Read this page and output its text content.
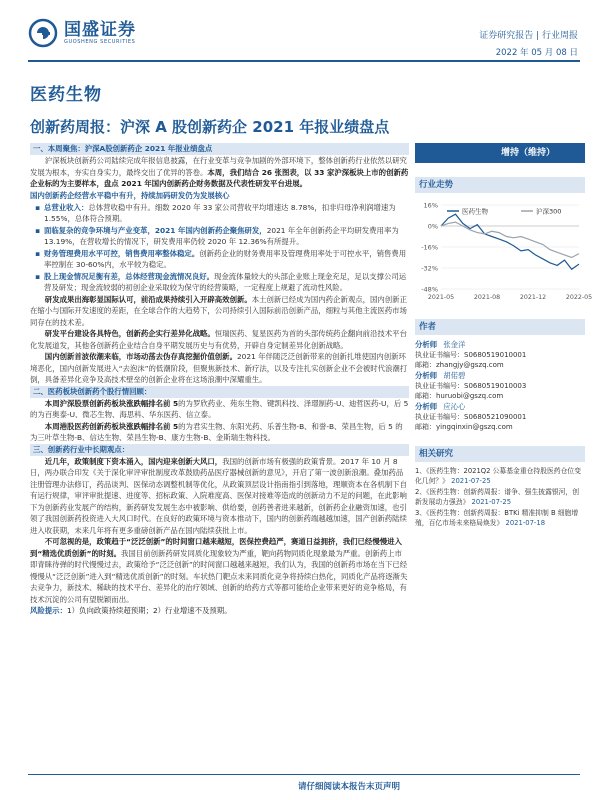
国盛证券
GUOSHENG SECURITIES
证券研究报告 | 行业周报
2022 年 05 月 08 日
医药生物
创新药周报：沪深 A 股创新药企 2021 年报业绩盘点
一、本周聚焦：沪深A股创新药企 2021 年报业绩盘点
沪深板块创新药公司陆续完成年报信息披露，在行业变革与竞争加剧的外部环境下，整体创新药行业依然以研究发展为根本，夯实自身实力，最终交出了优异的答卷。本周，我们结合 26 张图表，以 33 家沪深板块上市的创新药企业标的为主要样本，盘点 2021 年国内创新药企财务数据及代表性研发平台进展。
国内创新药企经营水平稳中有升，持续加码研发仍为发展核心
▪ 总营业收入：总体营收稳中有升。细数 2020 年 33 家公司营收平均增速达 8.78%，扣非归母净利润增速为 1.55%，总体符合预期。
▪ 面临复杂的竞争环境与产业变革，2021 年国内创新药企聚焦研发，2021 年全年创新药企平均研发费用率为 13.19%，在营收增长的情况下，研发费用率仍较 2020 年 12.36%有所提升。
▪ 财务管理费用水平可控，销售费用率整体稳定。创新药企业的财务费用率及管理费用率处于可控水平，销售费用率控制在 30-60%内，水平较为稳定。
▪ 股上现金情况足衡有差，总体经营现金流情况良好。现金流体量较大的头部企业账上现金充足，足以支撑公司运营及研发；现金流较弱的初创企业采取较为保守的经营策略，一定程度上规避了流动性风险。
研发成果出海彰显国际认可，前沿成果持续引入开辟高效创新。本土创新已经成为国内药企新观点，国内创新正在缩小与国际开发速度的差距，在全球合作的大趋势下，公司持续引入国际前沿创新产品，细粒与其他主流医药市场同存在的技术差。
研发平台建设各具特色，创新药企实行差异化战略。恒瑞医药、复星医药为首的头部传统药企翻向前沿技术平台化发展道发，其他各创新药企业结合自身平期发展历史与有优势，开辟自身定制差异化创新战略。
国内创新首波依潮来临，市场动荡去伪存真挖掘价值创新。2021 年伴随泛泛创新带来的创新扎堆使国内创新环境恶化，国内创新发展进入“去泡沫”的低潮阶段，但聚焦新技术、新疗法，以及专注扎实创新企业不会被时代浪潮打倒，具备差异化竞争及高技术壁垒的创新企业将在这场浪潮中深耀重生。
二、医药板块创新药个股行情回顾：
本周沪深股票创新药板块涨跌幅排名前 5的为罗欣药业、苑东生物、键凯科技、泽璟制药-U、迪哲医药-U，后 5 的为百奥泰-U、微芯生物、海思科、华东医药、信立泰。
本周港股医药创新药板块涨跌幅排名前 5的为君实生物、东阳光药、乐普生物-B、和誉-B、荣昌生物，后 5 的为三叶草生物-B、信达生物、荣昌生物-B、康方生物-B、金斯瑞生物科技。
三、创新药行业中长期观点：
近几年，政策制度下资本涌入，国内迎来创新大风口，我国的创新市场有极强的政策背景。2017 年 10 月 8 日，两办联合印发《关于深化审评审批制度改革鼓励药品医疗器械创新的意见》，开启了第一波创新浪潮。叠加药品注册管理办法修订，药品谈判、医保动态调整机制等优化，从政策顶层设计指南指引到落地，理顺资本在各机制下自有运行规律，审评审批提速、进度等、招标政策、入院难度高、医保对接难等造成的创新动力不足的问题，在此影响下为创新药业发展产的结构，新药研发发展生态中被影响、供给要，创药善者进来越新，创新药企业融资加速，也引领了我国创新药投资进入大风口时代。在良好的政策环境与资本推动下，国内的创新药端越越加速，国产创新药陆续进入收获期，未来几年将有更多重磅创新产品在国内陆续获批上市。
不可忽视的是，政策趋于“泛泛创新”的时间窗口越来越短，医保控费趋严，赛道日益拥挤，我们已经慢慢进入到“精选优质创新”的时刻。我国目前创新药研发同质化现象较为严重，靶向药物同质化现象最为严重。创新药上市即青睐待弹的时代慢慢过去，政策给予“泛泛创新”的时间窗口越越来越短，我们认为，我国的创新药市场在当下已经慢慢从“泛泛创新”进入到“精选优质创新”的时刻。车状热门靶点未来同质化竞争将持续白热化，同质化产品将逐渐失去竞争力，新技术、稀缺的技术平台、差异化的治疗领域、创新的给药方式等都可能给企业带来更好的竞争格局，有技术沉淀的公司有望脱颖而出。
风险提示：1）负向政策持续超预期；2）行业增速不及预期。
增持（维持）
行业走势
16%
0%
-16%
-32%
-48%
2021-05	2021-08	2021-12	2022-05
医药生物	沪深300
作者
分析师 张金洋
执业证书编号：S0680519010001
邮箱：zhangjy@gszq.com
分析师 胡偌碧
执业证书编号：S0680519010003
邮箱：huruobi@gszq.com
分析师 应沁心
执业证书编号：S0680521090001
邮箱：yingqinxin@gszq.com
相关研究
1、《医药生物：2021Q2 公募基金重仓持股医药仓位变化几何？》 2021-07-25
2、《医药生物：创新药周报：谱争、强生披露银河，创新发展动力强劲》 2021-07-25
3、《医药生物：创新药周报：BTKi 精准抑制 B 细胞增殖，百亿市场未来格局焕发》 2021-07-18
请仔细阅读本报告末页声明
